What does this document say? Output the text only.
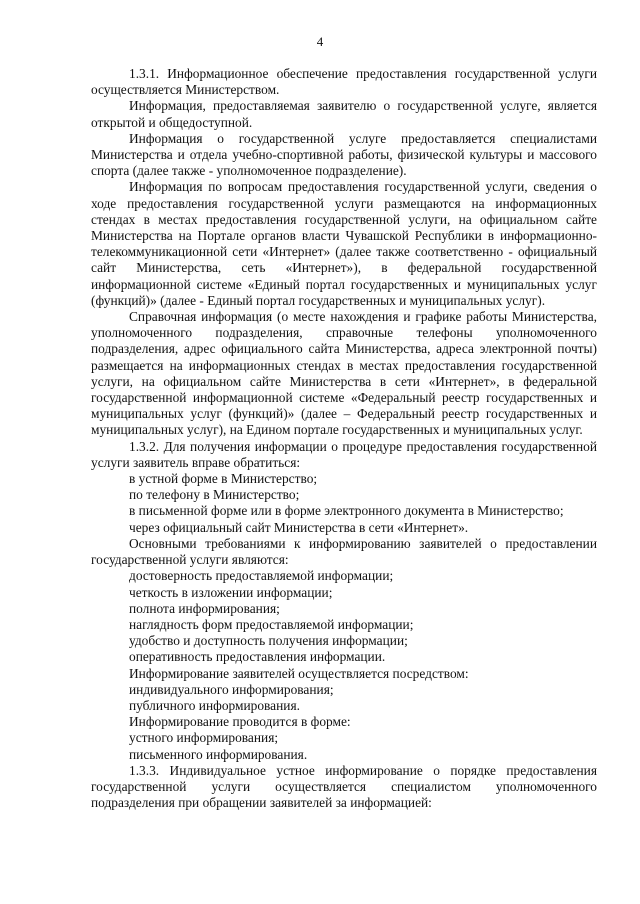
4

1.3.1. Информационное обеспечение предоставления государственной услуги осуществляется Министерством.

Информация, предоставляемая заявителю о государственной услуге, является открытой и общедоступной.

Информация о государственной услуге предоставляется специалистами Министерства и отдела учебно-спортивной работы, физической культуры и массового спорта (далее также - уполномоченное подразделение).

Информация по вопросам предоставления государственной услуги, сведения о ходе предоставления государственной услуги размещаются на информационных стендах в местах предоставления государственной услуги, на официальном сайте Министерства на Портале органов власти Чувашской Республики в информационно-телекоммуникационной сети «Интернет» (далее также соответственно - официальный сайт Министерства, сеть «Интернет»), в федеральной государственной информационной системе «Единый портал государственных и муниципальных услуг (функций)» (далее - Единый портал государственных и муниципальных услуг).

Справочная информация (о месте нахождения и графике работы Министерства, уполномоченного подразделения, справочные телефоны уполномоченного подразделения, адрес официального сайта Министерства, адреса электронной почты) размещается на информационных стендах в местах предоставления государственной услуги, на официальном сайте Министерства в сети «Интернет», в федеральной государственной информационной системе «Федеральный реестр государственных и муниципальных услуг (функций)» (далее – Федеральный реестр государственных и муниципальных услуг), на Едином портале государственных и муниципальных услуг.

1.3.2. Для получения информации о процедуре предоставления государственной услуги заявитель вправе обратиться:

в устной форме в Министерство;

по телефону в Министерство;

в письменной форме или в форме электронного документа в Министерство;

через официальный сайт Министерства в сети «Интернет».

Основными требованиями к информированию заявителей о предоставлении государственной услуги являются:

достоверность предоставляемой информации;

четкость в изложении информации;

полнота информирования;

наглядность форм предоставляемой информации;

удобство и доступность получения информации;

оперативность предоставления информации.

Информирование заявителей осуществляется посредством:

индивидуального информирования;

публичного информирования.

Информирование проводится в форме:

устного информирования;

письменного информирования.

1.3.3. Индивидуальное устное информирование о порядке предоставления государственной услуги осуществляется специалистом уполномоченного подразделения при обращении заявителей за информацией:
